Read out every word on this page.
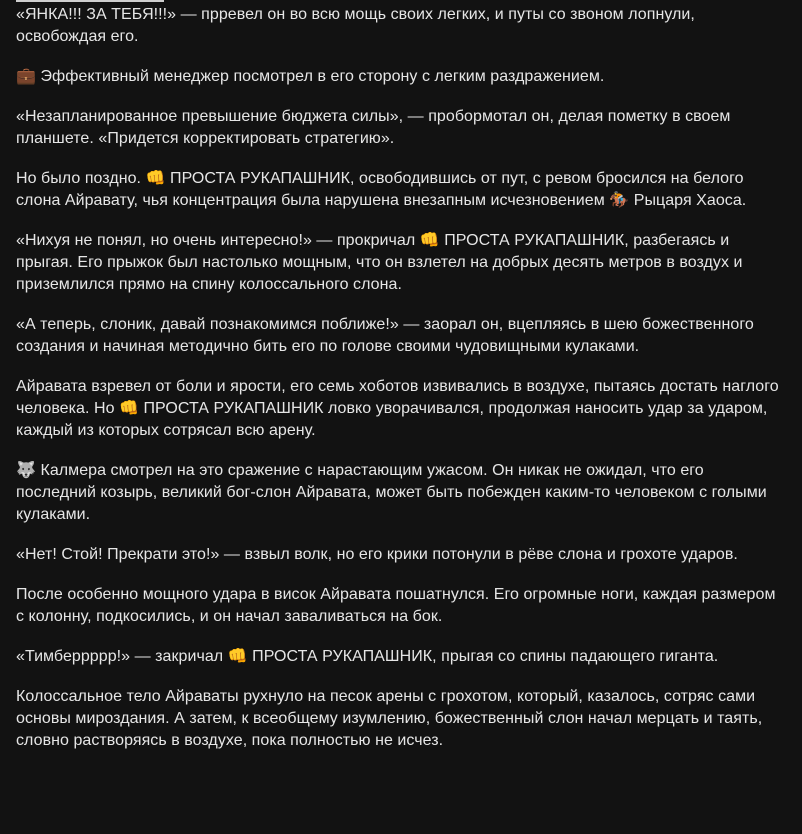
«ЯНКА!!! ЗА ТЕБЯ!!!» — прревел он во всю мощь своих легких, и путы со звоном лопнули, освобождая его.

💼 Эффективный менеджер посмотрел в его сторону с легким раздражением.

«Незапланированное превышение бюджета силы», — пробормотал он, делая пометку в своем планшете. «Придется корректировать стратегию».

Но было поздно. 👊 ПРОСТА РУКАПАШНИК, освободившись от пут, с ревом бросился на белого слона Айравату, чья концентрация была нарушена внезапным исчезновением 🏇 Рыцаря Хаоса.

«Нихуя не понял, но очень интересно!» — прокричал 👊 ПРОСТА РУКАПАШНИК, разбегаясь и прыгая. Его прыжок был настолько мощным, что он взлетел на добрых десять метров в воздух и приземлился прямо на спину колоссального слона.

«А теперь, слоник, давай познакомимся поближе!» — заорал он, вцепляясь в шею божественного создания и начиная методично бить его по голове своими чудовищными кулаками.

Айравата взревел от боли и ярости, его семь хоботов извивались в воздухе, пытаясь достать наглого человека. Но 👊 ПРОСТА РУКАПАШНИК ловко уворачивался, продолжая наносить удар за ударом, каждый из которых сотрясал всю арену.

🐺 Калмера смотрел на это сражение с нарастающим ужасом. Он никак не ожидал, что его последний козырь, великий бог-слон Айравата, может быть побежден каким-то человеком с голыми кулаками.

«Нет! Стой! Прекрати это!» — взвыл волк, но его крики потонули в рёве слона и грохоте ударов.

После особенно мощного удара в висок Айравата пошатнулся. Его огромные ноги, каждая размером с колонну, подкосились, и он начал заваливаться на бок.

«Тимберрррр!» — закричал 👊 ПРОСТА РУКАПАШНИК, прыгая со спины падающего гиганта.

Колоссальное тело Айраваты рухнуло на песок арены с грохотом, который, казалось, сотряс сами основы мироздания. А затем, к всеобщему изумлению, божественный слон начал мерцать и таять, словно растворяясь в воздухе, пока полностью не исчез.
